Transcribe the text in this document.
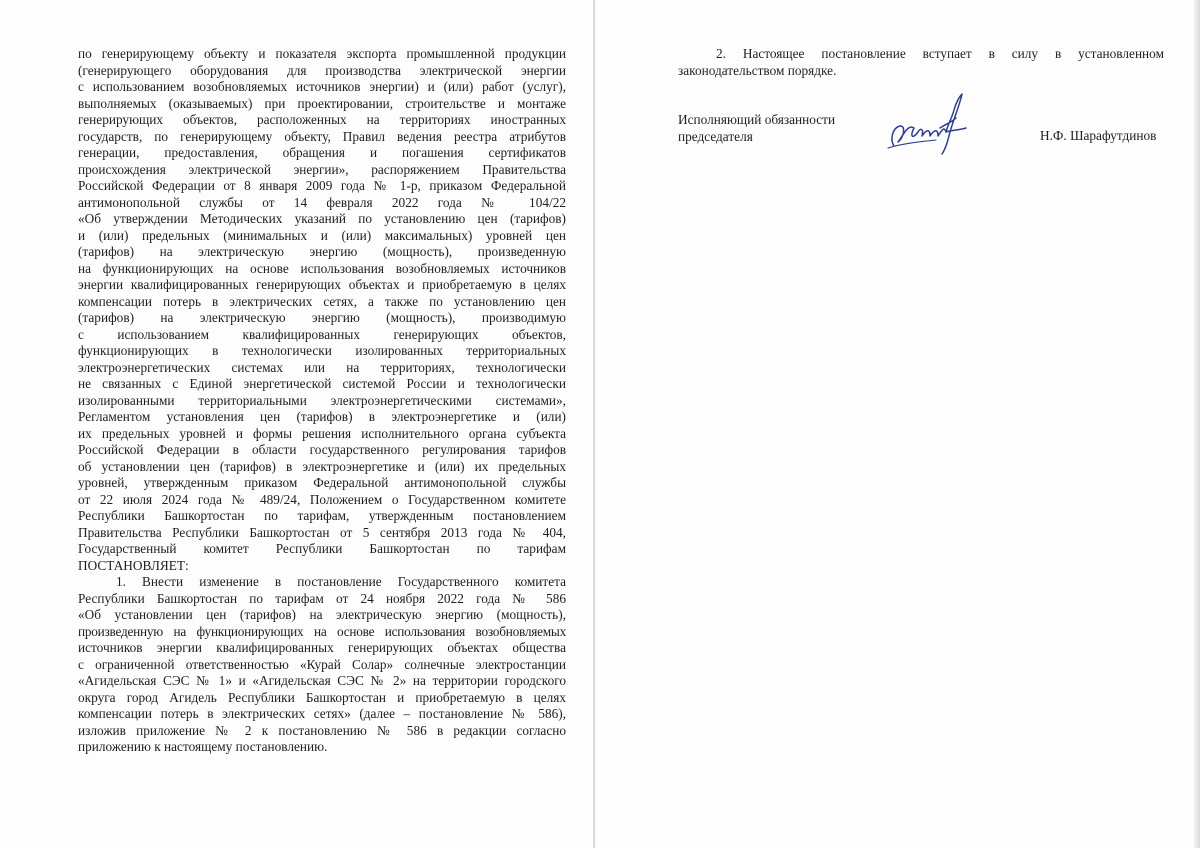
по генерирующему объекту и показателя экспорта промышленной продукции
(генерирующего оборудования для производства электрической энергии
с использованием возобновляемых источников энергии) и (или) работ (услуг),
выполняемых (оказываемых) при проектировании, строительстве и монтаже
генерирующих объектов, расположенных на территориях иностранных
государств, по генерирующему объекту, Правил ведения реестра атрибутов
генерации, предоставления, обращения и погашения сертификатов
происхождения электрической энергии», распоряжением Правительства
Российской Федерации от 8 января 2009 года № 1-р, приказом Федеральной
антимонопольной службы от 14 февраля 2022 года № 104/22
«Об утверждении Методических указаний по установлению цен (тарифов)
и (или) предельных (минимальных и (или) максимальных) уровней цен
(тарифов) на электрическую энергию (мощность), произведенную
на функционирующих на основе использования возобновляемых источников
энергии квалифицированных генерирующих объектах и приобретаемую в целях
компенсации потерь в электрических сетях, а также по установлению цен
(тарифов) на электрическую энергию (мощность), производимую
с использованием квалифицированных генерирующих объектов,
функционирующих в технологически изолированных территориальных
электроэнергетических системах или на территориях, технологически
не связанных с Единой энергетической системой России и технологически
изолированными территориальными электроэнергетическими системами»,
Регламентом установления цен (тарифов) в электроэнергетике и (или)
их предельных уровней и формы решения исполнительного органа субъекта
Российской Федерации в области государственного регулирования тарифов
об установлении цен (тарифов) в электроэнергетике и (или) их предельных
уровней, утвержденным приказом Федеральной антимонопольной службы
от 22 июля 2024 года № 489/24, Положением о Государственном комитете
Республики Башкортостан по тарифам, утвержденным постановлением
Правительства Республики Башкортостан от 5 сентября 2013 года № 404,
Государственный комитет Республики Башкортостан по тарифам
ПОСТАНОВЛЯЕТ:
1. Внести изменение в постановление Государственного комитета
Республики Башкортостан по тарифам от 24 ноября 2022 года № 586
«Об установлении цен (тарифов) на электрическую энергию (мощность),
произведенную на функционирующих на основе использования возобновляемых
источников энергии квалифицированных генерирующих объектах общества
с ограниченной ответственностью «Курай Солар» солнечные электростанции
«Агидельская СЭС № 1» и «Агидельская СЭС № 2» на территории городского
округа город Агидель Республики Башкортостан и приобретаемую в целях
компенсации потерь в электрических сетях» (далее – постановление № 586),
изложив приложение № 2 к постановлению № 586 в редакции согласно
приложению к настоящему постановлению.
2. Настоящее постановление вступает в силу в установленном
законодательством порядке.
Исполняющий обязанности
председателя	Н.Ф. Шарафутдинов
